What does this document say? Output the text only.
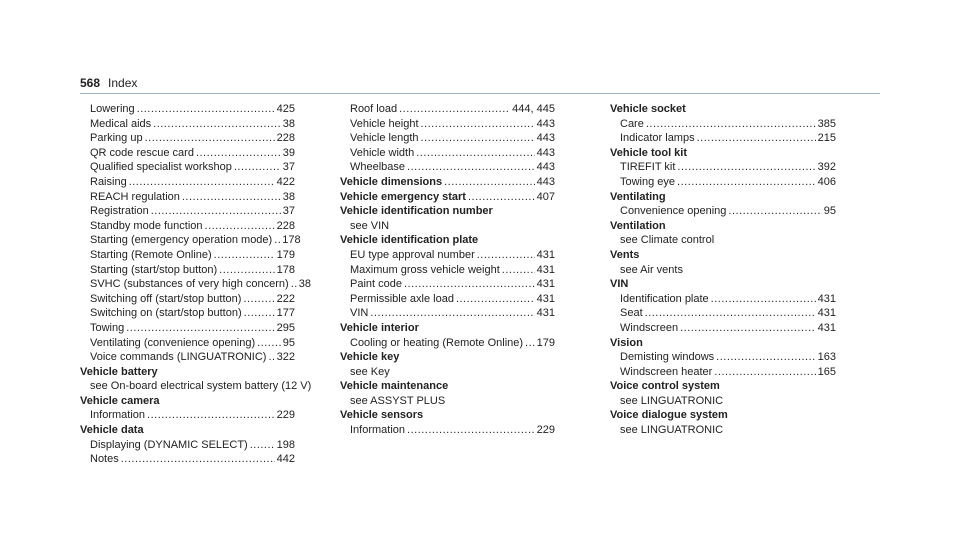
568 Index
Lowering .....	425
Medical aids .....	38
Parking up .....	228
QR code rescue card .....	39
Qualified specialist workshop .....	37
Raising .....	422
REACH regulation .....	38
Registration .....	37
Standby mode function .....	228
Starting (emergency operation mode) ..... 178
Starting (Remote Online) .....	179
Starting (start/stop button) .....	178
SVHC (substances of very high concern) ..... 38
Switching off (start/stop button) .....	222
Switching on (start/stop button) .....	177
Towing .....	295
Ventilating (convenience opening) .....	95
Voice commands (LINGUATRONIC) ..... 322
Vehicle battery
see On-board electrical system battery (12 V)
Vehicle camera
Information .....	229
Vehicle data
Displaying (DYNAMIC SELECT) .....	198
Notes .....	442
Roof load .....	444, 445
Vehicle height .....	443
Vehicle length .....	443
Vehicle width .....	443
Wheelbase .....	443
Vehicle dimensions .....	443
Vehicle emergency start .....	407
Vehicle identification number
see VIN
Vehicle identification plate
EU type approval number .....	431
Maximum gross vehicle weight .....	431
Paint code .....	431
Permissible axle load .....	431
VIN .....	431
Vehicle interior
Cooling or heating (Remote Online) ..... 179
Vehicle key
see Key
Vehicle maintenance
see ASSYST PLUS
Vehicle sensors
Information .....	229
Vehicle socket
Care .....	385
Indicator lamps .....	215
Vehicle tool kit
TIREFIT kit .....	392
Towing eye .....	406
Ventilating
Convenience opening .....	95
Ventilation
see Climate control
Vents
see Air vents
VIN
Identification plate .....	431
Seat .....	431
Windscreen .....	431
Vision
Demisting windows .....	163
Windscreen heater .....	165
Voice control system
see LINGUATRONIC
Voice dialogue system
see LINGUATRONIC
